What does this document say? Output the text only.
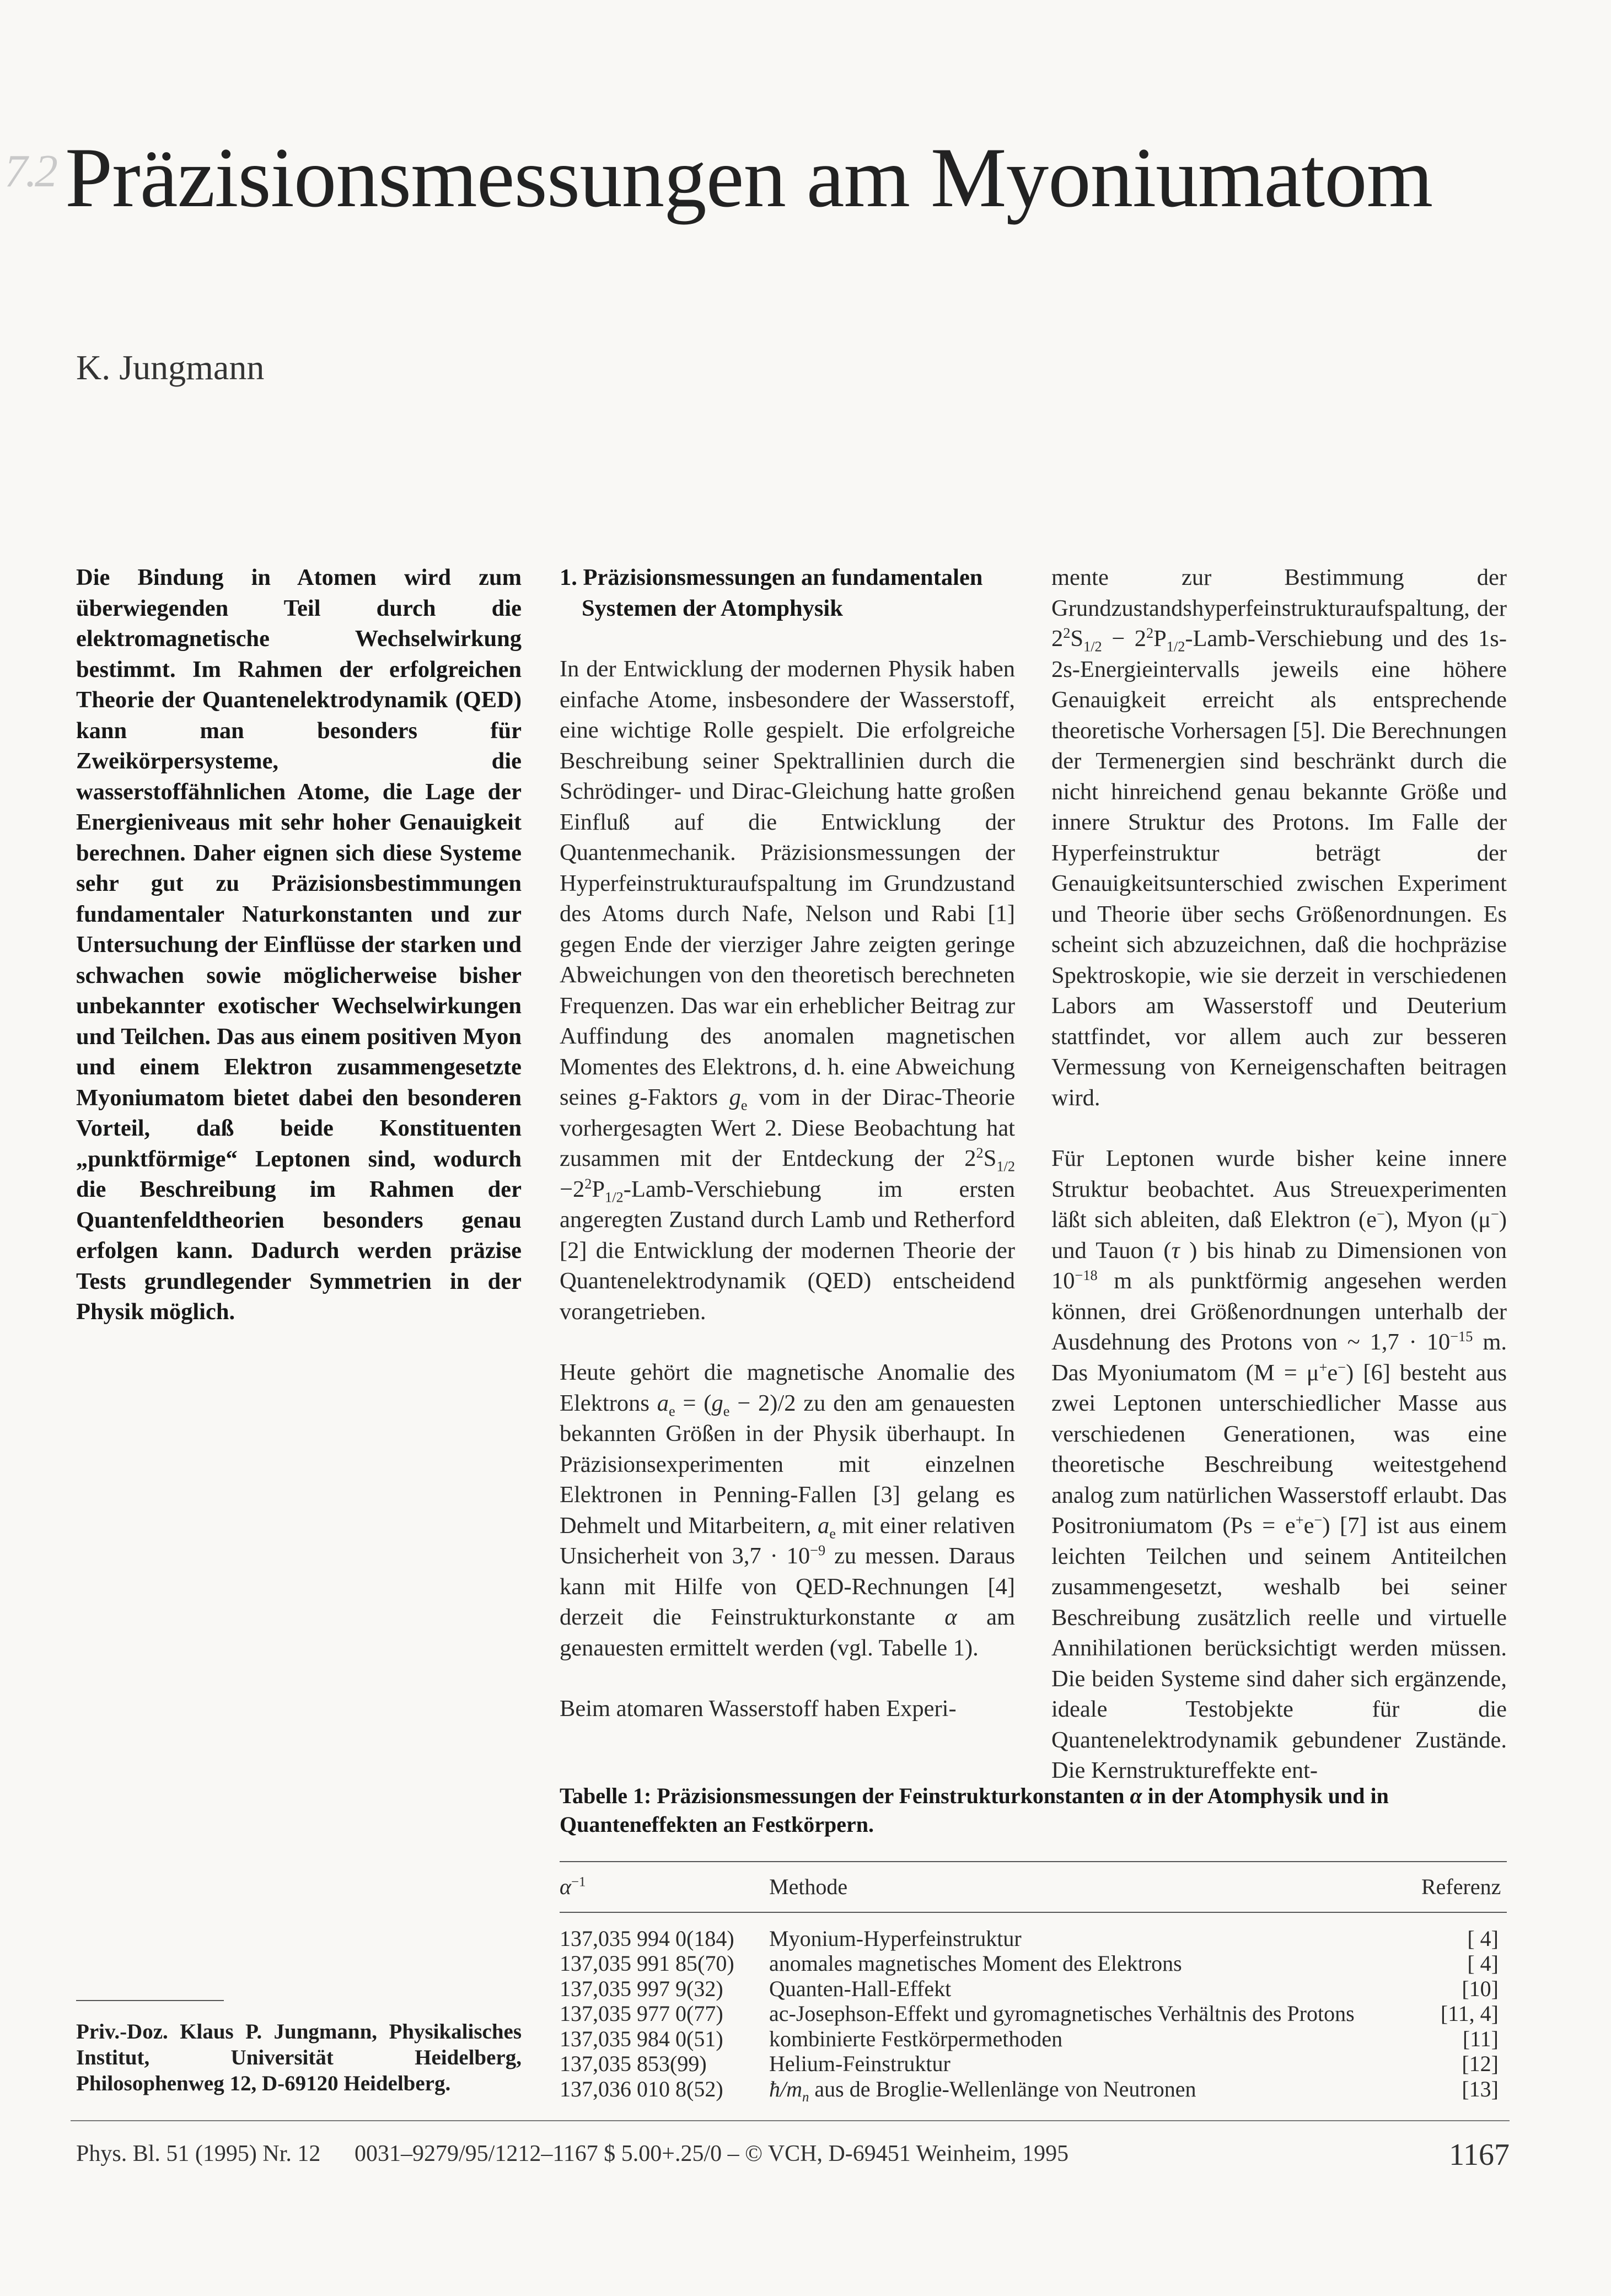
7.2 Präzisionsmessungen am Myoniumatom
K. Jungmann

Die Bindung in Atomen wird zum überwiegenden Teil durch die elektromagnetische Wechselwirkung bestimmt. Im Rahmen der erfolgreichen Theorie der Quantenelektrodynamik (QED) kann man besonders für Zweikörpersysteme, die wasserstoffähnlichen Atome, die Lage der Energieniveaus mit sehr hoher Genauigkeit berechnen. Daher eignen sich diese Systeme sehr gut zu Präzisionsbestimmungen fundamentaler Naturkonstanten und zur Untersuchung der Einflüsse der starken und schwachen sowie möglicherweise bisher unbekannter exotischer Wechselwirkungen und Teilchen. Das aus einem positiven Myon und einem Elektron zusammengesetzte Myoniumatom bietet dabei den besonderen Vorteil, daß beide Konstituenten „punktförmige“ Leptonen sind, wodurch die Beschreibung im Rahmen der Quantenfeldtheorien besonders genau erfolgen kann. Dadurch werden präzise Tests grundlegender Symmetrien in der Physik möglich.

1. Präzisionsmessungen an fundamentalen Systemen der Atomphysik

In der Entwicklung der modernen Physik haben einfache Atome, insbesondere der Wasserstoff, eine wichtige Rolle gespielt. Die erfolgreiche Beschreibung seiner Spektrallinien durch die Schrödinger- und Dirac-Gleichung hatte großen Einfluß auf die Entwicklung der Quantenmechanik. Präzisionsmessungen der Hyperfeinstrukturaufspaltung im Grundzustand des Atoms durch Nafe, Nelson und Rabi [1] gegen Ende der vierziger Jahre zeigten geringe Abweichungen von den theoretisch berechneten Frequenzen. Das war ein erheblicher Beitrag zur Auffindung des anomalen magnetischen Momentes des Elektrons, d. h. eine Abweichung seines g-Faktors $g_e$ vom in der Dirac-Theorie vorhergesagten Wert 2. Diese Beobachtung hat zusammen mit der Entdeckung der $2^2S_{1/2}$ $-2^2P_{1/2}-Lamb$-Verschiebung im ersten angeregten Zustand durch Lamb und Retherford [2] die Entwicklung der modernen Theorie der Quantenelektrodynamik (QED) entscheidend vorangetrieben.

Heute gehört die magnetische Anomalie des Elektrons $a_e = (g_e - 2)/2$ zu den am genauesten bekannten Größen in der Physik überhaupt. In Präzisionsexperimenten mit einzelnen Elektronen in Penning-Fallen [3] gelang es Dehmelt und Mitarbeitern, $a_e$ mit einer relativen Unsicherheit von $3,7 \cdot 10^{-9}$ zu messen. Daraus kann mit Hilfe von QED-Rechnungen [4] derzeit die Feinstrukturkonstante α am genauesten ermittelt werden (vgl. Tabelle 1).

Beim atomaren Wasserstoff haben Experi-

mente zur Bestimmung der Grundzustandshyperfeinstrukturaufspaltung, der $2^2S_{1/2}$ − $2^2P_{1/2}-Lamb$-Verschiebung und des 1s-2s-Energieintervalls jeweils eine höhere Genauigkeit erreicht als entsprechende theoretische Vorhersagen [5]. Die Berechnungen der Termenergien sind beschränkt durch die nicht hinreichend genau bekannte Größe und innere Struktur des Protons. Im Falle der Hyperfeinstruktur beträgt der Genauigkeitsunterschied zwischen Experiment und Theorie über sechs Größenordnungen. Es scheint sich abzuzeichnen, daß die hochpräzise Spektroskopie, wie sie derzeit in verschiedenen Labors am Wasserstoff und Deuterium stattfindet, vor allem auch zur besseren Vermessung von Kerneigenschaften beitragen wird.

Für Leptonen wurde bisher keine innere Struktur beobachtet. Aus Streuexperimenten läßt sich ableiten, daß Elektron (e−), Myon (μ−) und Tauon (τ ) bis hinab zu Dimensionen von $10^{-18}$ m als punktförmig angesehen werden können, drei Größenordnungen unterhalb der Ausdehnung des Protons von ~ $1,7 \cdot 10^{-15}$ m. Das Myoniumatom (M = μ+e−) [6] besteht aus zwei Leptonen unterschiedlicher Masse aus verschiedenen Generationen, was eine theoretische Beschreibung weitestgehend analog zum natürlichen Wasserstoff erlaubt. Das Positroniumatom (Ps = e+e−) [7] ist aus einem leichten Teilchen und seinem Antiteilchen zusammengesetzt, weshalb bei seiner Beschreibung zusätzlich reelle und virtuelle Annihilationen berücksichtigt werden müssen. Die beiden Systeme sind daher sich ergänzende, ideale Testobjekte für die Quantenelektrodynamik gebundener Zustände. Die Kernstruktureffekte ent-

Tabelle 1: Präzisionsmessungen der Feinstrukturkonstanten α in der Atomphysik und in Quanteneffekten an Festkörpern.
$\alpha^{-1}$	Methode	Referenz
137,035 994 0(184)	Myonium-Hyperfeinstruktur	[ 4]
137,035 991 85(70)	anomales magnetisches Moment des Elektrons	[ 4]
137,035 997 9(32)	Quanten-Hall-Effekt	[10]
137,035 977 0(77)	ac-Josephson-Effekt und gyromagnetisches Verhältnis des Protons	[11, 4]
137,035 984 0(51)	kombinierte Festkörpermethoden	[11]
137,035 853(99)	Helium-Feinstruktur	[12]
137,036 010 8(52)	$ħ/m_n$ aus de Broglie-Wellenlänge von Neutronen	[13]
Priv.-Doz. Klaus P. Jungmann, Physikalisches Institut, Universität Heidelberg, Philosophenweg 12, D-69120 Heidelberg.
Phys. Bl. 51 (1995) Nr. 12 0031–9279/95/1212–1167 $ 5.00+.25/0 – © VCH, D-69451 Weinheim, 1995	1167
